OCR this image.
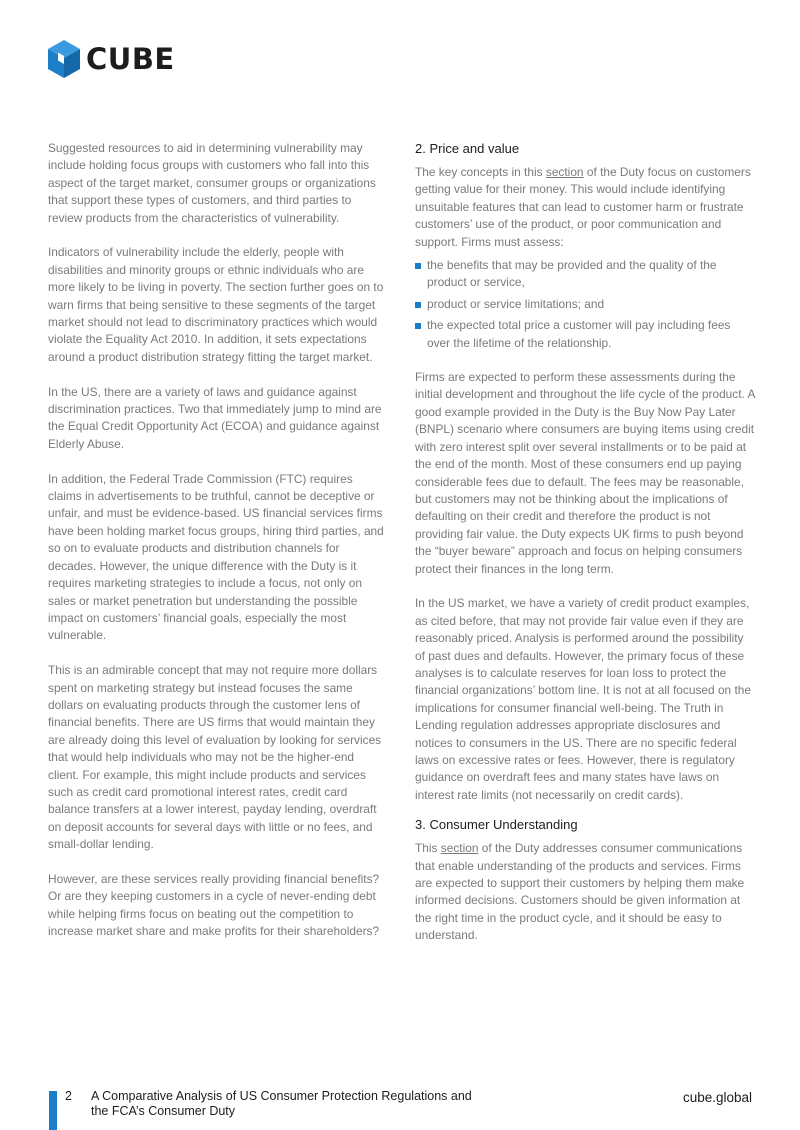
CUBE

Suggested resources to aid in determining vulnerability may include holding focus groups with customers who fall into this aspect of the target market, consumer groups or organizations that support these types of customers, and third parties to review products from the characteristics of vulnerability.

Indicators of vulnerability include the elderly, people with disabilities and minority groups or ethnic individuals who are more likely to be living in poverty. The section further goes on to warn firms that being sensitive to these segments of the target market should not lead to discriminatory practices which would violate the Equality Act 2010. In addition, it sets expectations around a product distribution strategy fitting the target market.

In the US, there are a variety of laws and guidance against discrimination practices. Two that immediately jump to mind are the Equal Credit Opportunity Act (ECOA) and guidance against Elderly Abuse.

In addition, the Federal Trade Commission (FTC) requires claims in advertisements to be truthful, cannot be deceptive or unfair, and must be evidence-based. US financial services firms have been holding market focus groups, hiring third parties, and so on to evaluate products and distribution channels for decades. However, the unique difference with the Duty is it requires marketing strategies to include a focus, not only on sales or market penetration but understanding the possible impact on customers’ financial goals, especially the most vulnerable.

This is an admirable concept that may not require more dollars spent on marketing strategy but instead focuses the same dollars on evaluating products through the customer lens of financial benefits. There are US firms that would maintain they are already doing this level of evaluation by looking for services that would help individuals who may not be the higher-end client. For example, this might include products and services such as credit card promotional interest rates, credit card balance transfers at a lower interest, payday lending, overdraft on deposit accounts for several days with little or no fees, and small-dollar lending.

However, are these services really providing financial benefits? Or are they keeping customers in a cycle of never-ending debt while helping firms focus on beating out the competition to increase market share and make profits for their shareholders?

2. Price and value

The key concepts in this section of the Duty focus on customers getting value for their money. This would include identifying unsuitable features that can lead to customer harm or frustrate customers’ use of the product, or poor communication and support. Firms must assess:

the benefits that may be provided and the quality of the product or service,
product or service limitations; and
the expected total price a customer will pay including fees over the lifetime of the relationship.

Firms are expected to perform these assessments during the initial development and throughout the life cycle of the product. A good example provided in the Duty is the Buy Now Pay Later (BNPL) scenario where consumers are buying items using credit with zero interest split over several installments or to be paid at the end of the month. Most of these consumers end up paying considerable fees due to default. The fees may be reasonable, but customers may not be thinking about the implications of defaulting on their credit and therefore the product is not providing fair value. the Duty expects UK firms to push beyond the “buyer beware” approach and focus on helping consumers protect their finances in the long term.

In the US market, we have a variety of credit product examples, as cited before, that may not provide fair value even if they are reasonably priced. Analysis is performed around the possibility of past dues and defaults. However, the primary focus of these analyses is to calculate reserves for loan loss to protect the financial organizations’ bottom line. It is not at all focused on the implications for consumer financial well-being. The Truth in Lending regulation addresses appropriate disclosures and notices to consumers in the US. There are no specific federal laws on excessive rates or fees. However, there is regulatory guidance on overdraft fees and many states have laws on interest rate limits (not necessarily on credit cards).

3. Consumer Understanding

This section of the Duty addresses consumer communications that enable understanding of the products and services. Firms are expected to support their customers by helping them make informed decisions. Customers should be given information at the right time in the product cycle, and it should be easy to understand.

2 A Comparative Analysis of US Consumer Protection Regulations and the FCA’s Consumer Duty
cube.global
